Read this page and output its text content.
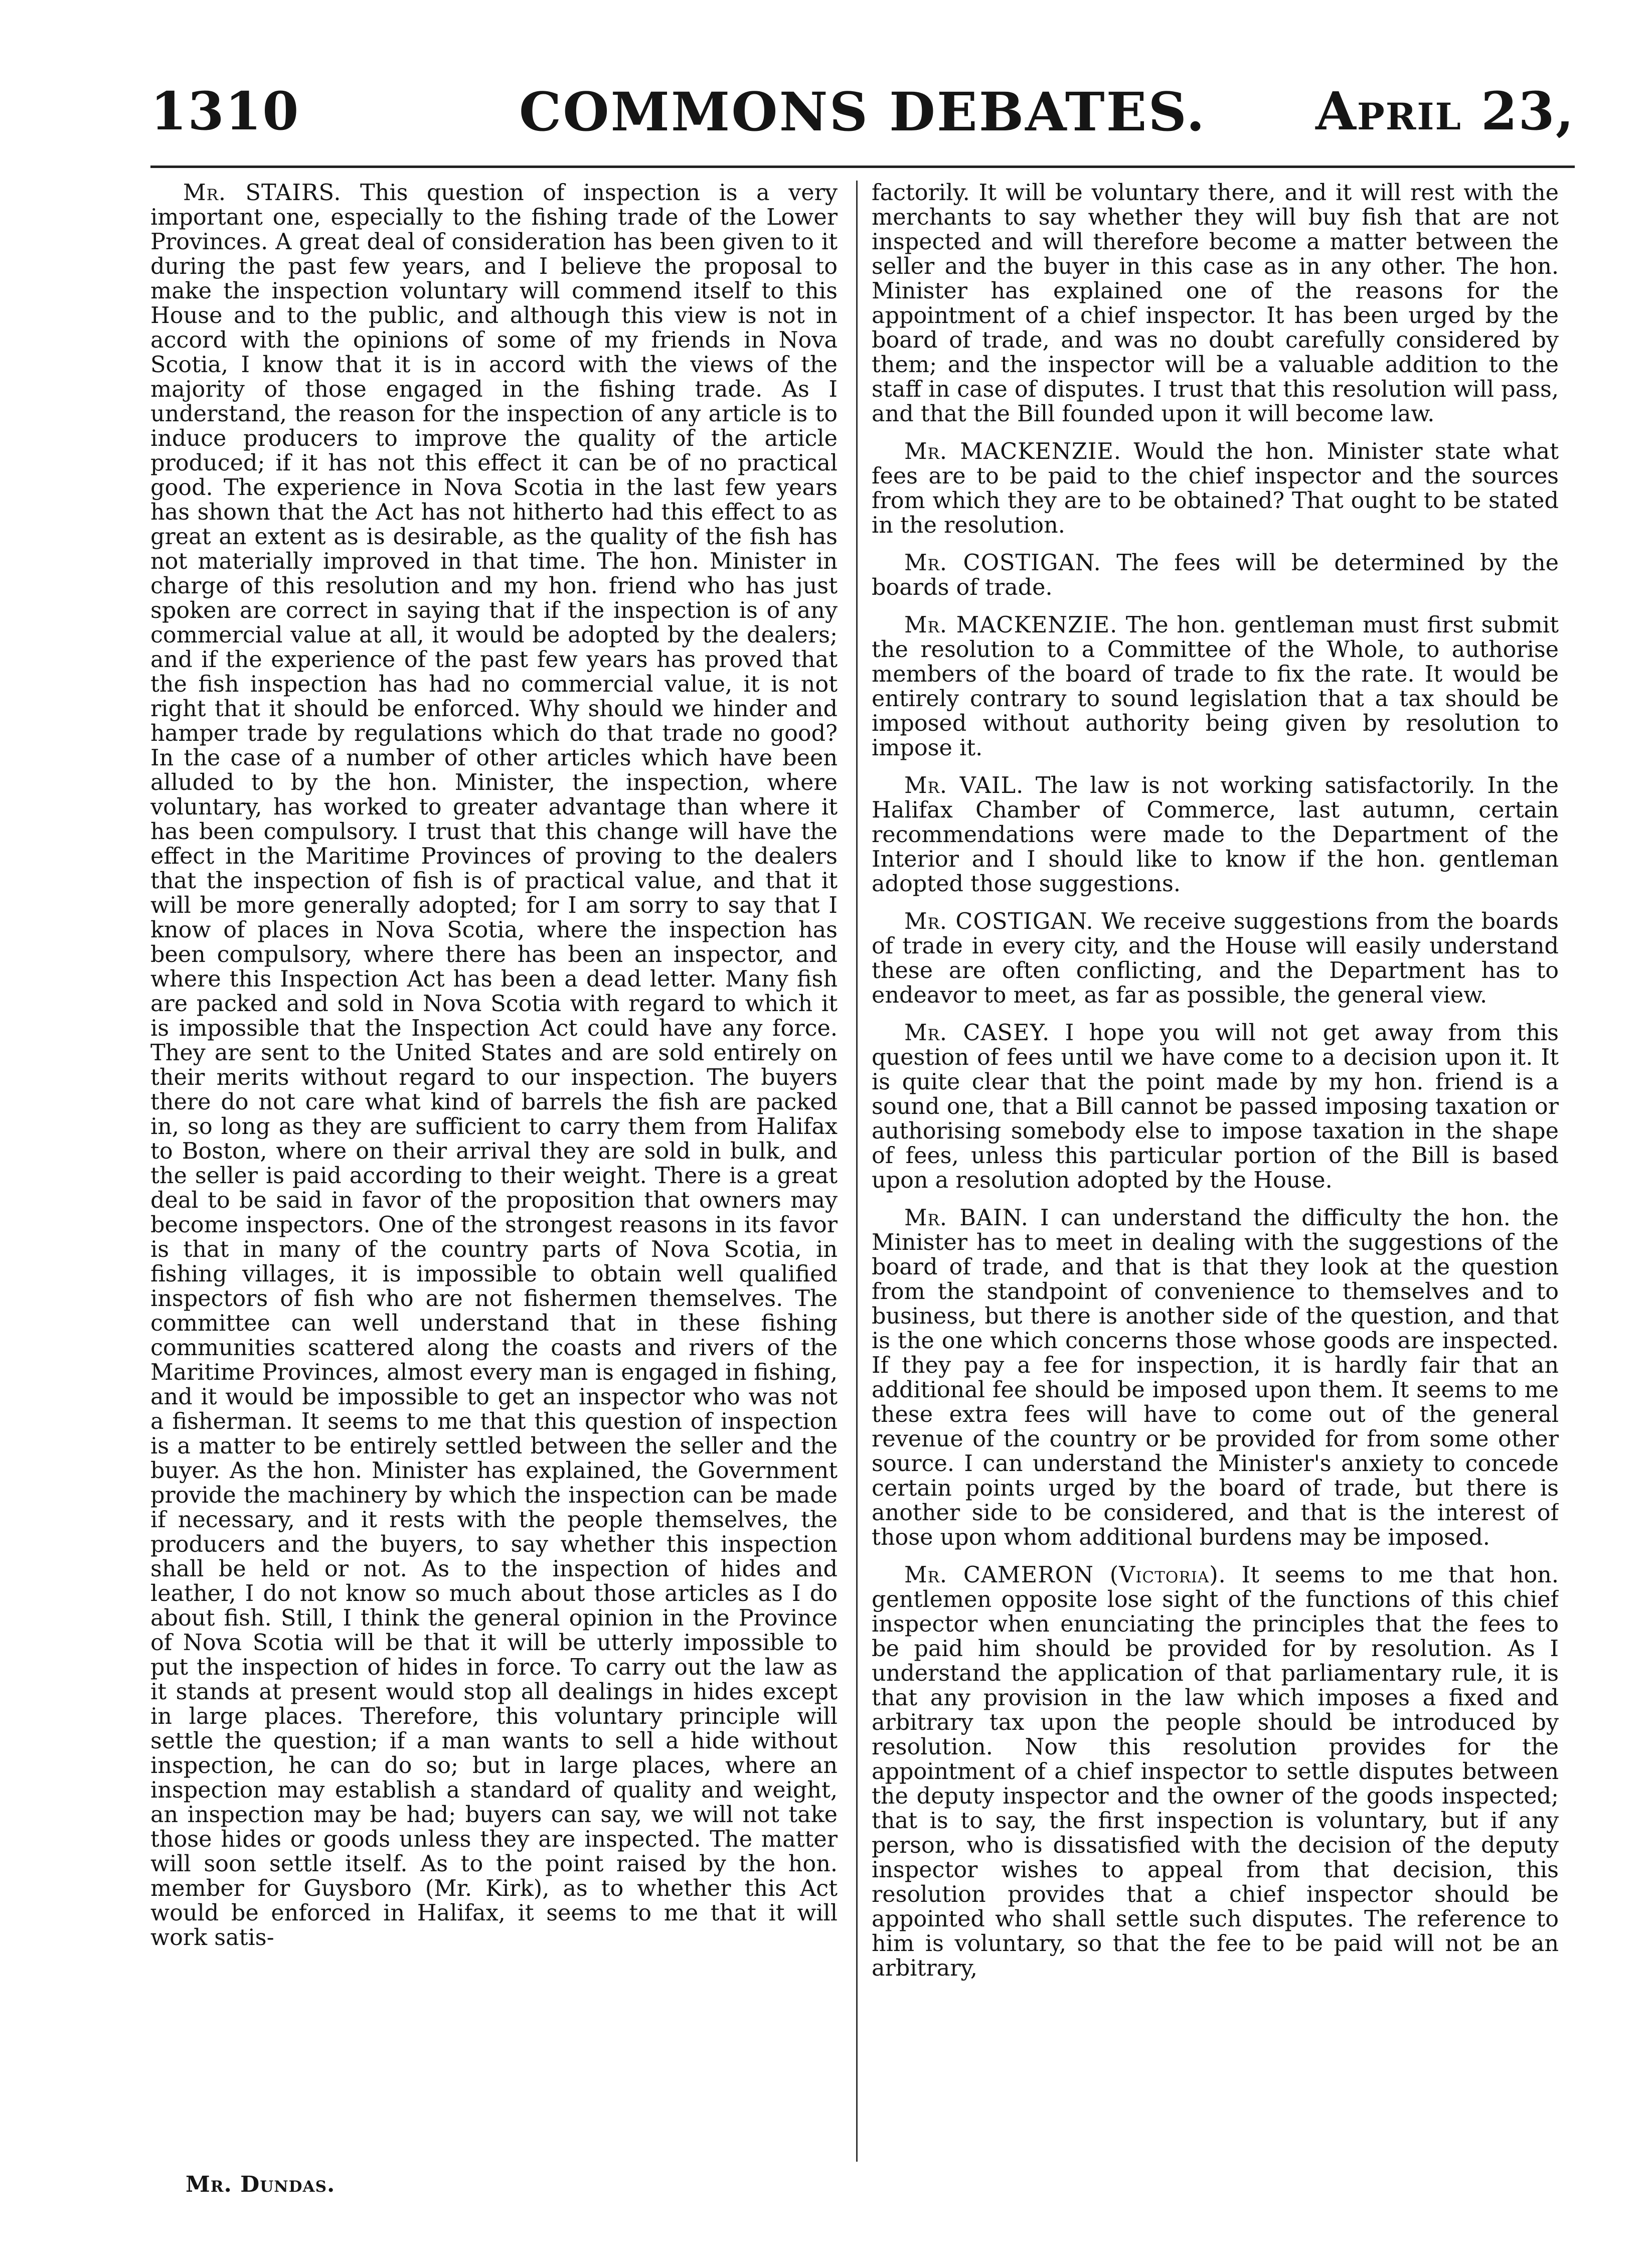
1310	COMMONS DEBATES.	April 23,

Mr. STAIRS. This question of inspection is a very important one, especially to the fishing trade of the Lower Provinces. A great deal of consideration has been given to it during the past few years, and I believe the proposal to make the inspection voluntary will commend itself to this House and to the public, and although this view is not in accord with the opinions of some of my friends in Nova Scotia, I know that it is in accord with the views of the majority of those engaged in the fishing trade. As I understand, the reason for the inspection of any article is to induce producers to improve the quality of the article produced; if it has not this effect it can be of no practical good. The experience in Nova Scotia in the last few years has shown that the Act has not hitherto had this effect to as great an extent as is desirable, as the quality of the fish has not materially improved in that time. The hon. Minister in charge of this resolution and my hon. friend who has just spoken are correct in saying that if the inspection is of any commercial value at all, it would be adopted by the dealers; and if the experience of the past few years has proved that the fish inspection has had no commercial value, it is not right that it should be enforced. Why should we hinder and hamper trade by regulations which do that trade no good? In the case of a number of other articles which have been alluded to by the hon. Minister, the inspection, where voluntary, has worked to greater advantage than where it has been compulsory. I trust that this change will have the effect in the Maritime Provinces of proving to the dealers that the inspection of fish is of practical value, and that it will be more generally adopted; for I am sorry to say that I know of places in Nova Scotia, where the inspection has been compulsory, where there has been an inspector, and where this Inspection Act has been a dead letter. Many fish are packed and sold in Nova Scotia with regard to which it is impossible that the Inspection Act could have any force. They are sent to the United States and are sold entirely on their merits without regard to our inspection. The buyers there do not care what kind of barrels the fish are packed in, so long as they are sufficient to carry them from Halifax to Boston, where on their arrival they are sold in bulk, and the seller is paid according to their weight. There is a great deal to be said in favor of the proposition that owners may become inspectors. One of the strongest reasons in its favor is that in many of the country parts of Nova Scotia, in fishing villages, it is impossible to obtain well qualified inspectors of fish who are not fishermen themselves. The committee can well understand that in these fishing communities scattered along the coasts and rivers of the Maritime Provinces, almost every man is engaged in fishing, and it would be impossible to get an inspector who was not a fisherman. It seems to me that this question of inspection is a matter to be entirely settled between the seller and the buyer. As the hon. Minister has explained, the Government provide the machinery by which the inspection can be made if necessary, and it rests with the people themselves, the producers and the buyers, to say whether this inspection shall be held or not. As to the inspection of hides and leather, I do not know so much about those articles as I do about fish. Still, I think the general opinion in the Province of Nova Scotia will be that it will be utterly impossible to put the inspection of hides in force. To carry out the law as it stands at present would stop all dealings in hides except in large places. Therefore, this voluntary principle will settle the question; if a man wants to sell a hide without inspection, he can do so; but in large places, where an inspection may establish a standard of quality and weight, an inspection may be had; buyers can say, we will not take those hides or goods unless they are inspected. The matter will soon settle itself. As to the point raised by the hon. member for Guysboro (Mr. Kirk), as to whether this Act would be enforced in Halifax, it seems to me that it will work satis-

factorily. It will be voluntary there, and it will rest with the merchants to say whether they will buy fish that are not inspected and will therefore become a matter between the seller and the buyer in this case as in any other. The hon. Minister has explained one of the reasons for the appointment of a chief inspector. It has been urged by the board of trade, and was no doubt carefully considered by them; and the inspector will be a valuable addition to the staff in case of disputes. I trust that this resolution will pass, and that the Bill founded upon it will become law.

Mr. MACKENZIE. Would the hon. Minister state what fees are to be paid to the chief inspector and the sources from which they are to be obtained? That ought to be stated in the resolution.

Mr. COSTIGAN. The fees will be determined by the boards of trade.

Mr. MACKENZIE. The hon. gentleman must first submit the resolution to a Committee of the Whole, to authorise members of the board of trade to fix the rate. It would be entirely contrary to sound legislation that a tax should be imposed without authority being given by resolution to impose it.

Mr. VAIL. The law is not working satisfactorily. In the Halifax Chamber of Commerce, last autumn, certain recommendations were made to the Department of the Interior and I should like to know if the hon. gentleman adopted those suggestions.

Mr. COSTIGAN. We receive suggestions from the boards of trade in every city, and the House will easily understand these are often conflicting, and the Department has to endeavor to meet, as far as possible, the general view.

Mr. CASEY. I hope you will not get away from this question of fees until we have come to a decision upon it. It is quite clear that the point made by my hon. friend is a sound one, that a Bill cannot be passed imposing taxation or authorising somebody else to impose taxation in the shape of fees, unless this particular portion of the Bill is based upon a resolution adopted by the House.

Mr. BAIN. I can understand the difficulty the hon. the Minister has to meet in dealing with the suggestions of the board of trade, and that is that they look at the question from the standpoint of convenience to themselves and to business, but there is another side of the question, and that is the one which concerns those whose goods are inspected. If they pay a fee for inspection, it is hardly fair that an additional fee should be imposed upon them. It seems to me these extra fees will have to come out of the general revenue of the country or be provided for from some other source. I can understand the Minister's anxiety to concede certain points urged by the board of trade, but there is another side to be considered, and that is the interest of those upon whom additional burdens may be imposed.

Mr. CAMERON (Victoria). It seems to me that hon. gentlemen opposite lose sight of the functions of this chief inspector when enunciating the principles that the fees to be paid him should be provided for by resolution. As I understand the application of that parliamentary rule, it is that any provision in the law which imposes a fixed and arbitrary tax upon the people should be introduced by resolution. Now this resolution provides for the appointment of a chief inspector to settle disputes between the deputy inspector and the owner of the goods inspected; that is to say, the first inspection is voluntary, but if any person, who is dissatisfied with the decision of the deputy inspector wishes to appeal from that decision, this resolution provides that a chief inspector should be appointed who shall settle such disputes. The reference to him is voluntary, so that the fee to be paid will not be an arbitrary,

Mr. Dundas.
